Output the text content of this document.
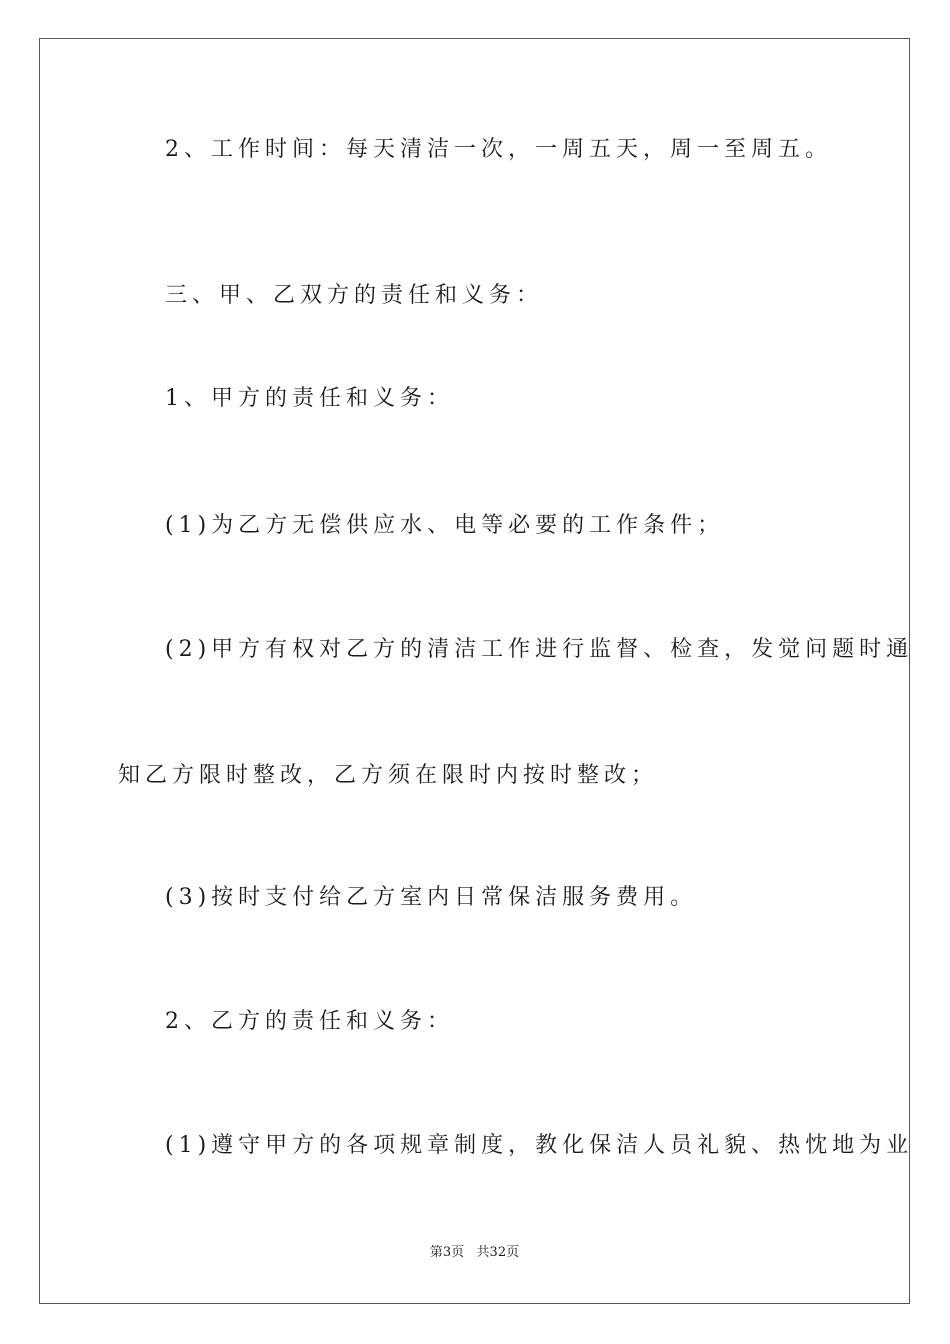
2、工作时间：每天清洁一次，一周五天，周一至周五。
三、甲、乙双方的责任和义务：
1、甲方的责任和义务：
(1)为乙方无偿供应水、电等必要的工作条件；
(2)甲方有权对乙方的清洁工作进行监督、检查，发觉问题时通
知乙方限时整改，乙方须在限时内按时整改；
(3)按时支付给乙方室内日常保洁服务费用。
2、乙方的责任和义务：
(1)遵守甲方的各项规章制度，教化保洁人员礼貌、热忱地为业
第3页   共32页
